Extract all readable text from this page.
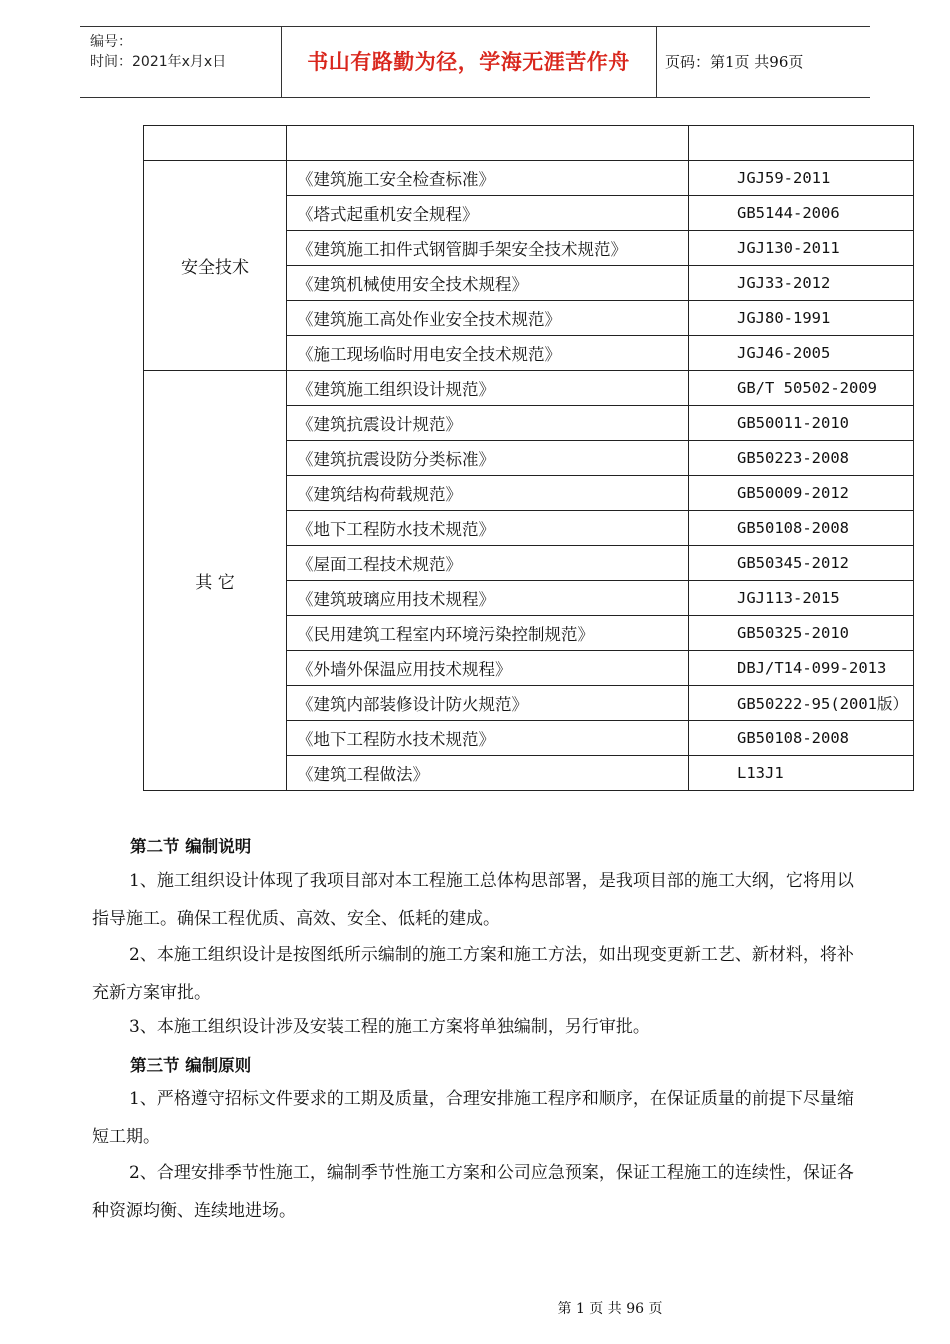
编号：
时间：2021年x月x日	书山有路勤为径，学海无涯苦作舟	页码：第1页 共96页

安全技术	《建筑施工安全检查标准》	JGJ59-2011
	《塔式起重机安全规程》	GB5144-2006
	《建筑施工扣件式钢管脚手架安全技术规范》	JGJ130-2011
	《建筑机械使用安全技术规程》	JGJ33-2012
	《建筑施工高处作业安全技术规范》	JGJ80-1991
	《施工现场临时用电安全技术规范》	JGJ46-2005
其 它	《建筑施工组织设计规范》	GB/T 50502-2009
	《建筑抗震设计规范》	GB50011-2010
	《建筑抗震设防分类标准》	GB50223-2008
	《建筑结构荷载规范》	GB50009-2012
	《地下工程防水技术规范》	GB50108-2008
	《屋面工程技术规范》	GB50345-2012
	《建筑玻璃应用技术规程》	JGJ113-2015
	《民用建筑工程室内环境污染控制规范》	GB50325-2010
	《外墙外保温应用技术规程》	DBJ/T14-099-2013
	《建筑内部装修设计防火规范》	GB50222-95(2001版）
	《地下工程防水技术规范》	GB50108-2008
	《建筑工程做法》	L13J1
第二节 编制说明
1、施工组织设计体现了我项目部对本工程施工总体构思部署，是我项目部的施工大纲，它将用以指导施工。确保工程优质、高效、安全、低耗的建成。
2、本施工组织设计是按图纸所示编制的施工方案和施工方法，如出现变更新工艺、新材料，将补充新方案审批。
3、本施工组织设计涉及安装工程的施工方案将单独编制，另行审批。
第三节 编制原则
1、严格遵守招标文件要求的工期及质量，合理安排施工程序和顺序，在保证质量的前提下尽量缩短工期。
2、合理安排季节性施工，编制季节性施工方案和公司应急预案，保证工程施工的连续性，保证各种资源均衡、连续地进场。
第 1 页 共 96 页
